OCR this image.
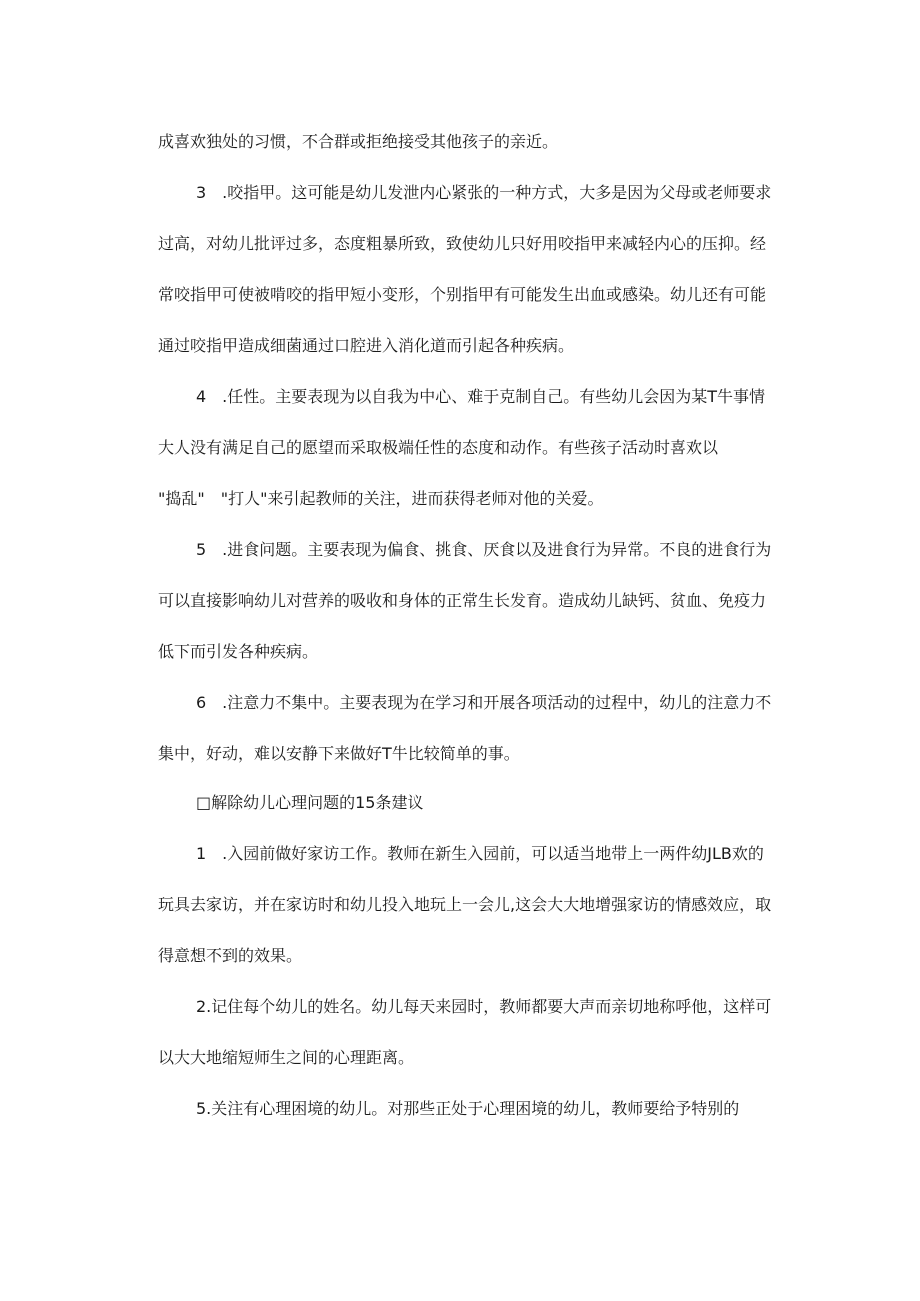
成喜欢独处的习惯，不合群或拒绝接受其他孩子的亲近。
3　.咬指甲。这可能是幼儿发泄内心紧张的一种方式，大多是因为父母或老师要求
过高，对幼儿批评过多，态度粗暴所致，致使幼儿只好用咬指甲来减轻内心的压抑。经
常咬指甲可使被啃咬的指甲短小变形，个别指甲有可能发生出血或感染。幼儿还有可能
通过咬指甲造成细菌通过口腔进入消化道而引起各种疾病。
4　.任性。主要表现为以自我为中心、难于克制自己。有些幼儿会因为某T牛事情
大人没有满足自己的愿望而采取极端任性的态度和动作。有些孩子活动时喜欢以
"捣乱"　"打人"来引起教师的关注，进而获得老师对他的关爱。
5　.进食问题。主要表现为偏食、挑食、厌食以及进食行为异常。不良的进食行为
可以直接影响幼儿对营养的吸收和身体的正常生长发育。造成幼儿缺钙、贫血、免疫力
低下而引发各种疾病。
6　.注意力不集中。主要表现为在学习和开展各项活动的过程中，幼儿的注意力不
集中，好动，难以安静下来做好T牛比较简单的事。
□解除幼儿心理问题的15条建议
1　.入园前做好家访工作。教师在新生入园前，可以适当地带上一两件幼JLB欢的
玩具去家访，并在家访时和幼儿投入地玩上一会儿,这会大大地增强家访的情感效应，取
得意想不到的效果。
2.记住每个幼儿的姓名。幼儿每天来园时，教师都要大声而亲切地称呼他，这样可
以大大地缩短师生之间的心理距离。
5.关注有心理困境的幼儿。对那些正处于心理困境的幼儿，教师要给予特别的
